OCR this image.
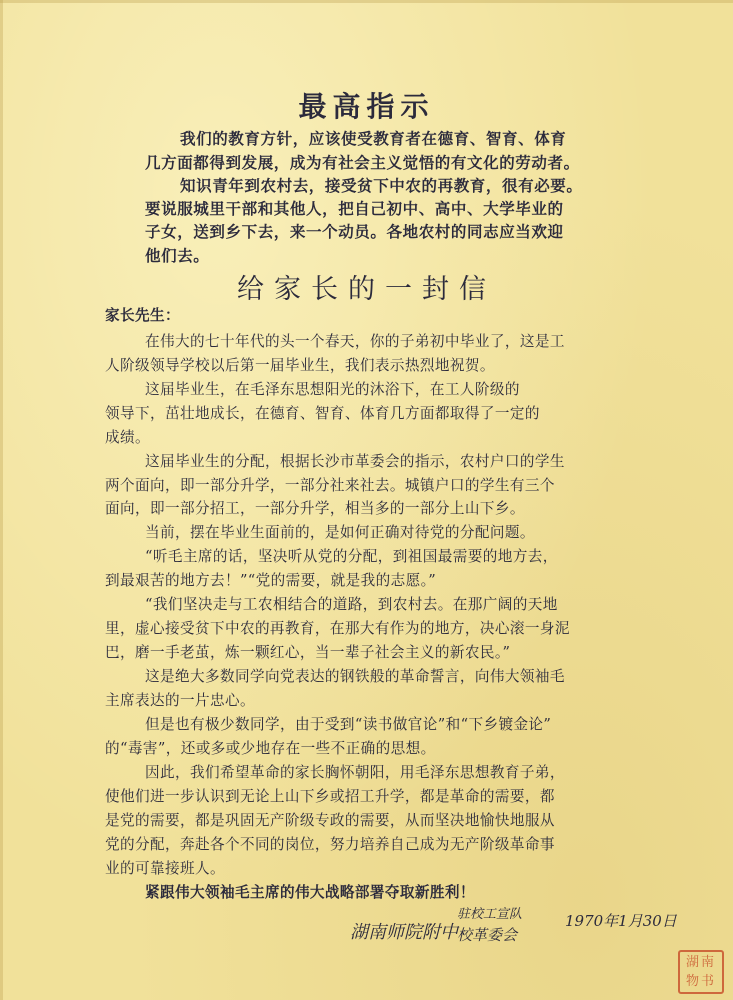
最高指示
我们的教育方针，应该使受教育者在德育、智育、体育
几方面都得到发展，成为有社会主义觉悟的有文化的劳动者。
知识青年到农村去，接受贫下中农的再教育，很有必要。
要说服城里干部和其他人，把自己初中、高中、大学毕业的
子女，送到乡下去，来一个动员。各地农村的同志应当欢迎
他们去。
给家长的一封信
家长先生：
在伟大的七十年代的头一个春天，你的子弟初中毕业了，这是工
人阶级领导学校以后第一届毕业生，我们表示热烈地祝贺。
这届毕业生，在毛泽东思想阳光的沐浴下，在工人阶级的
领导下，茁壮地成长，在德育、智育、体育几方面都取得了一定的
成绩。
这届毕业生的分配，根据长沙市革委会的指示，农村户口的学生
两个面向，即一部分升学，一部分社来社去。城镇户口的学生有三个
面向，即一部分招工，一部分升学，相当多的一部分上山下乡。
当前，摆在毕业生面前的，是如何正确对待党的分配问题。
“听毛主席的话，坚决听从党的分配，到祖国最需要的地方去，
到最艰苦的地方去！”“党的需要，就是我的志愿。”
“我们坚决走与工农相结合的道路，到农村去。在那广阔的天地
里，虚心接受贫下中农的再教育，在那大有作为的地方，决心滚一身泥
巴，磨一手老茧，炼一颗红心，当一辈子社会主义的新农民。”
这是绝大多数同学向党表达的钢铁般的革命誓言，向伟大领袖毛
主席表达的一片忠心。
但是也有极少数同学，由于受到“读书做官论”和“下乡镀金论”
的“毒害”，还或多或少地存在一些不正确的思想。
因此，我们希望革命的家长胸怀朝阳，用毛泽东思想教育子弟，
使他们进一步认识到无论上山下乡或招工升学，都是革命的需要，都
是党的需要，都是巩固无产阶级专政的需要，从而坚决地愉快地服从
党的分配，奔赴各个不同的岗位，努力培养自己成为无产阶级革命事
业的可靠接班人。
紧跟伟大领袖毛主席的伟大战略部署夺取新胜利！
湖南师院附中
驻校工宣队
校革委会
1970年1月30日
湖南
物书
